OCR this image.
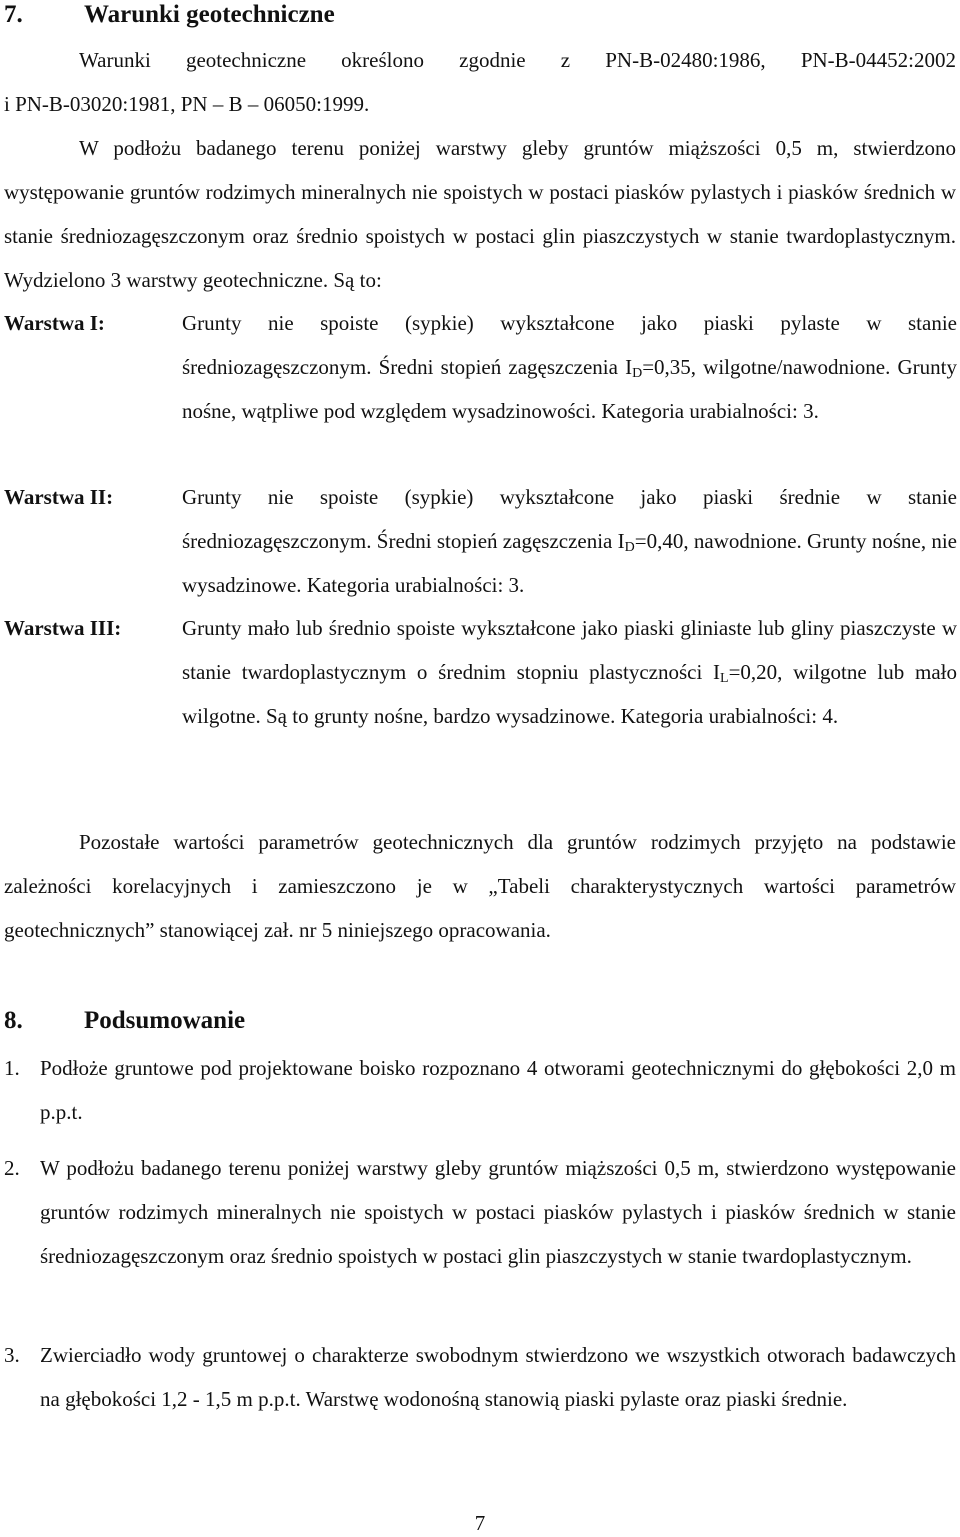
7. Warunki geotechniczne

Warunki geotechniczne określono zgodnie z PN-B-02480:1986, PN-B-04452:2002

i PN-B-03020:1981, PN – B – 06050:1999.

W podłożu badanego terenu poniżej warstwy gleby gruntów miąższości 0,5 m, stwierdzono występowanie gruntów rodzimych mineralnych nie spoistych w postaci piasków pylastych i piasków średnich w stanie średniozagęszczonym oraz średnio spoistych w postaci glin piaszczystych w stanie twardoplastycznym. Wydzielono 3 warstwy geotechniczne. Są to:

Warstwa I:	Grunty nie spoiste (sypkie) wykształcone jako piaski pylaste w stanie średniozagęszczonym. Średni stopień zagęszczenia $I_D=0,35$, wilgotne/nawodnione. Grunty nośne, wątpliwe pod względem wysadzinowości. Kategoria urabialności: 3.

Warstwa II:	Grunty nie spoiste (sypkie) wykształcone jako piaski średnie w stanie średniozagęszczonym. Średni stopień zagęszczenia $I_D=0,40$, nawodnione. Grunty nośne, nie wysadzinowe. Kategoria urabialności: 3.

Warstwa III:	Grunty mało lub średnio spoiste wykształcone jako piaski gliniaste lub gliny piaszczyste w stanie twardoplastycznym o średnim stopniu plastyczności $I_L=0,20$, wilgotne lub mało wilgotne. Są to grunty nośne, bardzo wysadzinowe. Kategoria urabialności: 4.

Pozostałe wartości parametrów geotechnicznych dla gruntów rodzimych przyjęto na podstawie zależności korelacyjnych i zamieszczono je w „Tabeli charakterystycznych wartości parametrów geotechnicznych” stanowiącej zał. nr 5 niniejszego opracowania.

8. Podsumowanie

1. Podłoże gruntowe pod projektowane boisko rozpoznano 4 otworami geotechnicznymi do głębokości 2,0 m p.p.t.

2. W podłożu badanego terenu poniżej warstwy gleby gruntów miąższości 0,5 m, stwierdzono występowanie gruntów rodzimych mineralnych nie spoistych w postaci piasków pylastych i piasków średnich w stanie średniozagęszczonym oraz średnio spoistych w postaci glin piaszczystych w stanie twardoplastycznym.

3. Zwierciadło wody gruntowej o charakterze swobodnym stwierdzono we wszystkich otworach badawczych na głębokości 1,2 - 1,5 m p.p.t. Warstwę wodonośną stanowią piaski pylaste oraz piaski średnie.

7
